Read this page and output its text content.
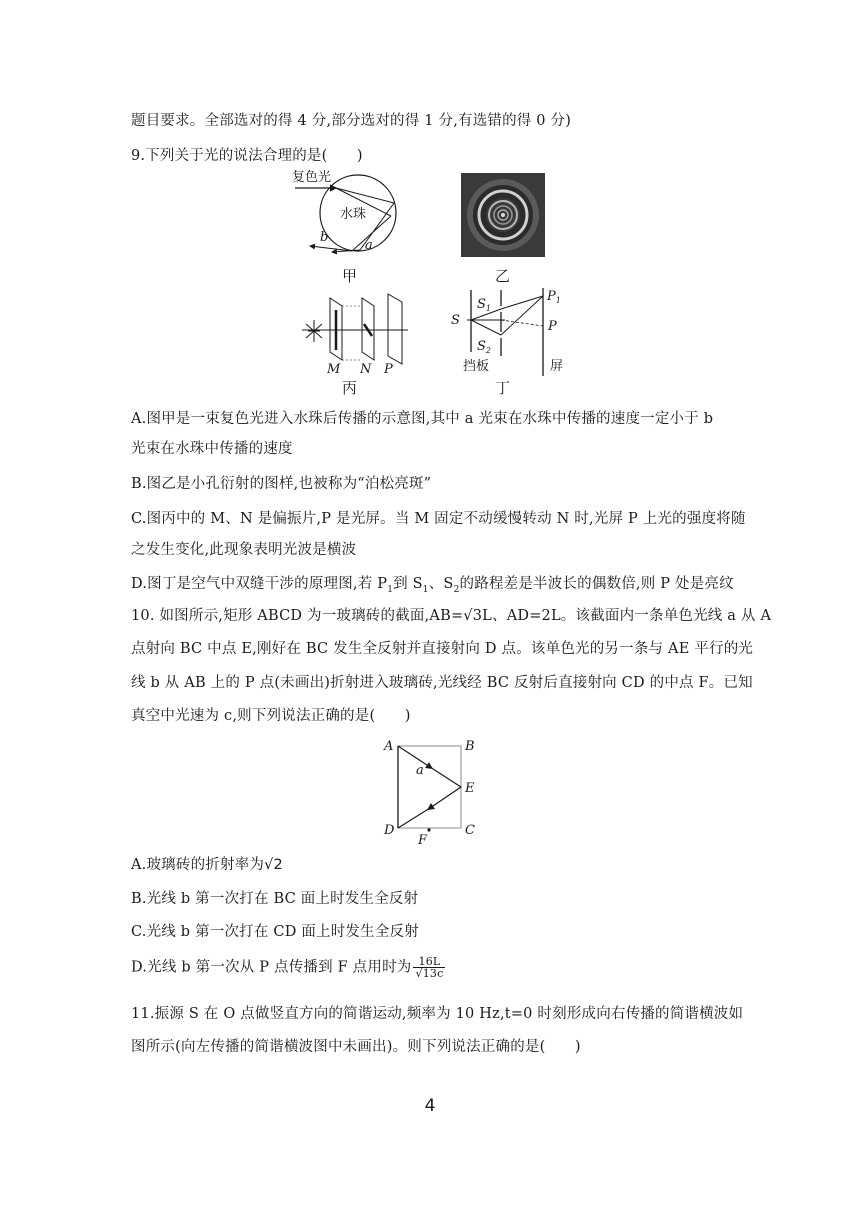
题目要求。全部选对的得 4 分,部分选对的得 1 分,有选错的得 0 分)
9.下列关于光的说法合理的是(　　)
复色光
水珠
b
a
甲	乙
M N P
丙
S
$S_1$
$S_2$
$P_1$
P
挡板	屏
丁
A.图甲是一束复色光进入水珠后传播的示意图,其中 a 光束在水珠中传播的速度一定小于 b
光束在水珠中传播的速度
B.图乙是小孔衍射的图样,也被称为“泊松亮斑”
C.图丙中的 M、N 是偏振片,P 是光屏。当 M 固定不动缓慢转动 N 时,光屏 P 上光的强度将随
之发生变化,此现象表明光波是横波
D.图丁是空气中双缝干涉的原理图,若 $P_1$到 $S_1$、$S_2$的路程差是半波长的偶数倍,则 P 处是亮纹
10. 如图所示,矩形 ABCD 为一玻璃砖的截面,AB=√3L、AD=2L。该截面内一条单色光线 a 从 A
点射向 BC 中点 E,刚好在 BC 发生全反射并直接射向 D 点。该单色光的另一条与 AE 平行的光
线 b 从 AB 上的 P 点(未画出)折射进入玻璃砖,光线经 BC 反射后直接射向 CD 的中点 F。已知
真空中光速为 c,则下列说法正确的是(　　)
A	B
E
D	C
F
a
A.玻璃砖的折射率为√2
B.光线 b 第一次打在 BC 面上时发生全反射
C.光线 b 第一次打在 CD 面上时发生全反射
D.光线 b 第一次从 P 点传播到 F 点用时为 $\frac{16L}{√13c}$
11.振源 S 在 O 点做竖直方向的简谐运动,频率为 10 Hz,t=0 时刻形成向右传播的简谐横波如
图所示(向左传播的简谐横波图中未画出)。则下列说法正确的是(　　)
4
